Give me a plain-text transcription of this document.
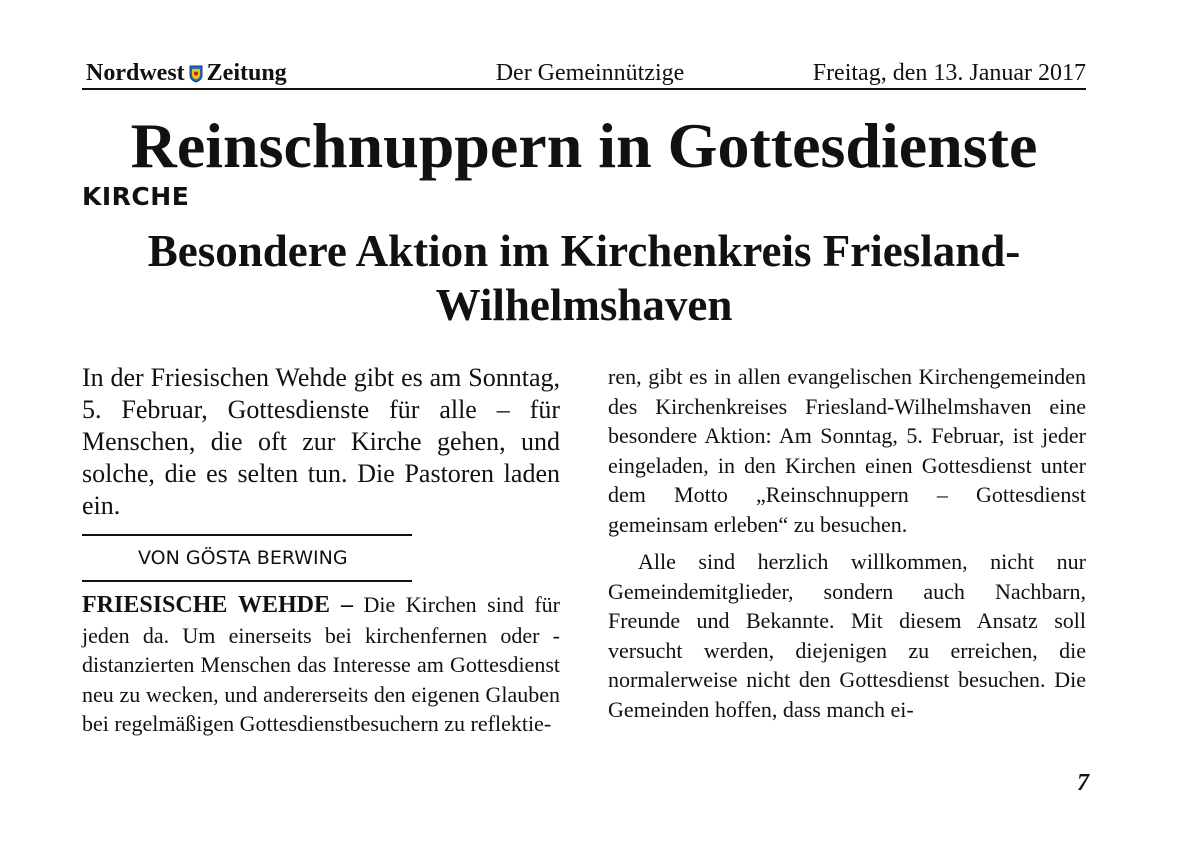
Nordwest Zeitung	Der Gemeinnützige	Freitag, den 13. Januar 2017
Reinschnuppern in Gottesdienste
KIRCHE
Besondere Aktion im Kirchenkreis Friesland-Wilhelmshaven

In der Friesischen Wehde gibt es am Sonntag, 5. Februar, Gottesdienste für alle – für Menschen, die oft zur Kirche gehen, und solche, die es selten tun. Die Pastoren laden ein.

VON GÖSTA BERWING

FRIESISCHE WEHDE – Die Kirchen sind für jeden da. Um einerseits bei kirchenfernen oder -distanzierten Menschen das Interesse am Gottesdienst neu zu wecken, und andererseits den eigenen Glauben bei regelmäßigen Gottesdienstbesuchern zu reflektie-

ren, gibt es in allen evangelischen Kirchengemeinden des Kirchenkreises Friesland-Wilhelmshaven eine besondere Aktion: Am Sonntag, 5. Februar, ist jeder eingeladen, in den Kirchen einen Gottesdienst unter dem Motto „Reinschnuppern – Gottesdienst gemeinsam erleben“ zu besuchen.

Alle sind herzlich willkommen, nicht nur Gemeindemitglieder, sondern auch Nachbarn, Freunde und Bekannte. Mit diesem Ansatz soll versucht werden, diejenigen zu erreichen, die normalerweise nicht den Gottesdienst besuchen. Die Gemeinden hoffen, dass manch ei-

7
